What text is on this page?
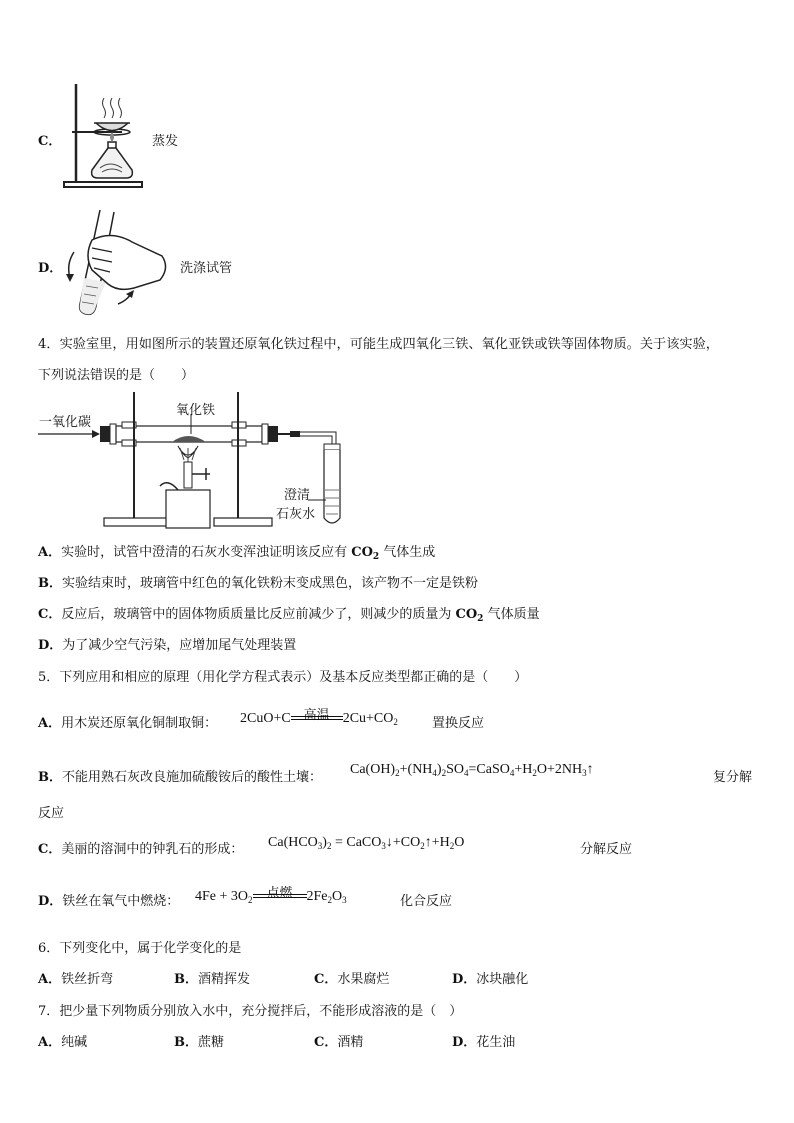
C．	蒸发
D．	洗涤试管
4．实验室里，用如图所示的装置还原氧化铁过程中，可能生成四氧化三铁、氧化亚铁或铁等固体物质。关于该实验，
下列说法错误的是（　　）
一氧化碳
氧化铁
澄清
石灰水
A．实验时，试管中澄清的石灰水变浑浊证明该反应有 $CO_2$ 气体生成
B．实验结束时，玻璃管中红色的氧化铁粉末变成黑色，该产物不一定是铁粉
C．反应后，玻璃管中的固体物质质量比反应前减少了，则减少的质量为 $CO_2$ 气体质量
D．为了减少空气污染，应增加尾气处理装置
5．下列应用和相应的原理（用化学方程式表示）及基本反应类型都正确的是（　　）
A．用木炭还原氧化铜制取铜： 2CuO+C 高温 $2Cu+CO_2$	置换反应
B．不能用熟石灰改良施加硫酸铵后的酸性土壤：
$Ca(OH)_2+(NH_4)_2SO_4=CaSO_4+H_2O+2NH_3↑$
复分解
反应
C．美丽的溶洞中的钟乳石的形成： $Ca(HCO_3)_2$ = $CaCO_3↓+CO_2↑+H_2O$	分解反应
D．铁丝在氧气中燃烧： $4Fe + 3O_2$	点燃	$2Fe_2O_3$	化合反应
6．下列变化中，属于化学变化的是
A．铁丝折弯	B．酒精挥发	C．水果腐烂	D．冰块融化
7．把少量下列物质分别放入水中，充分搅拌后，不能形成溶液的是（　）
A．纯碱	B．蔗糖	C．酒精	D．花生油
